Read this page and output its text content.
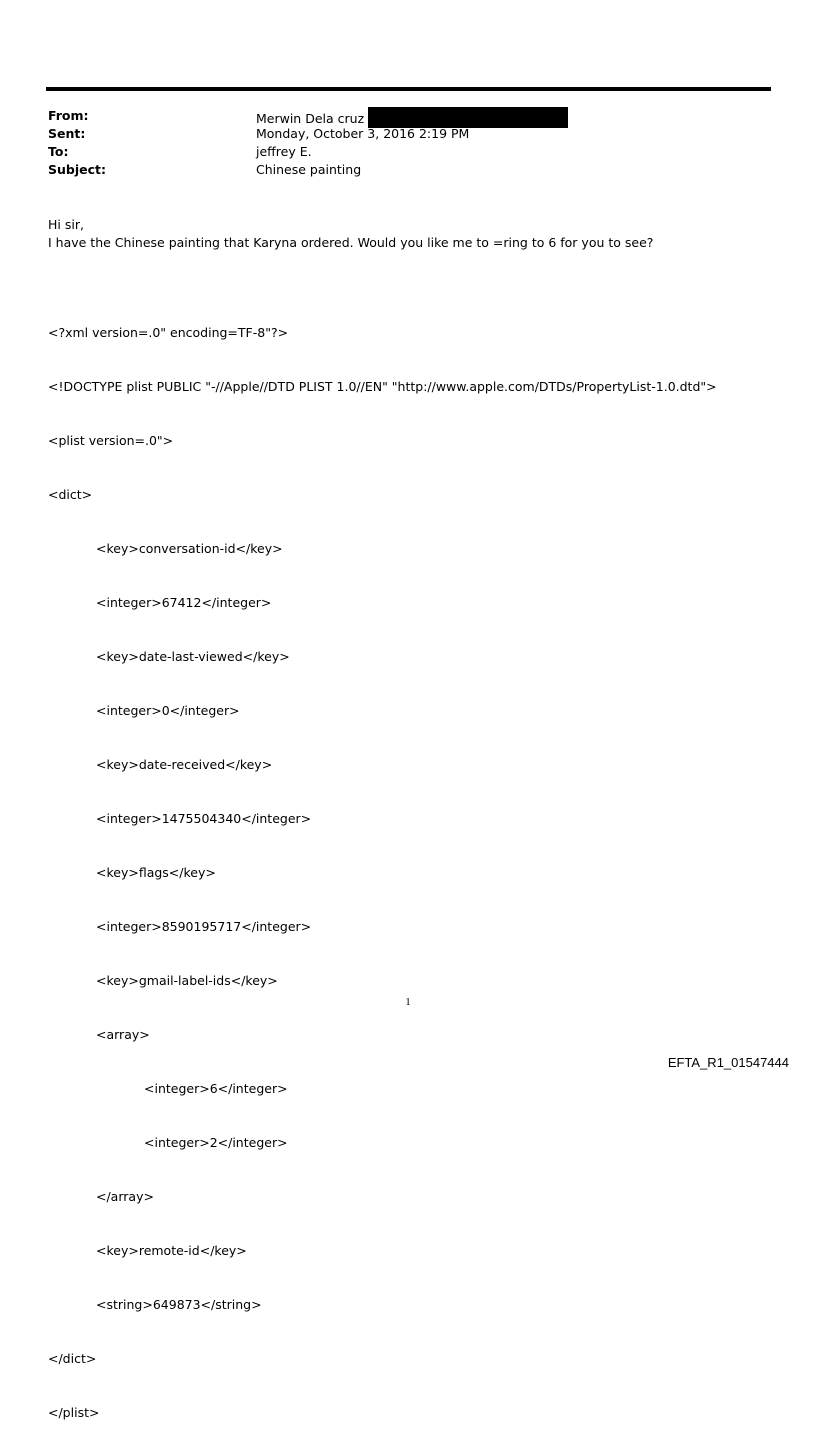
From:	Merwin Dela cruz
Sent:	Monday, October 3, 2016 2:19 PM
To:	jeffrey E.
Subject:	Chinese painting
Hi sir,
I have the Chinese painting that Karyna ordered. Would you like me to =ring to 6 for you to see?

<?xml version=.0" encoding=TF-8"?>

<!DOCTYPE plist PUBLIC "-//Apple//DTD PLIST 1.0//EN" "http://www.apple.com/DTDs/PropertyList-1.0.dtd">

<plist version=.0">

<dict>

<key>conversation-id</key>

<integer>67412</integer>

<key>date-last-viewed</key>

<integer>0</integer>

<key>date-received</key>

<integer>1475504340</integer>

<key>flags</key>

<integer>8590195717</integer>

<key>gmail-label-ids</key>

<array>

<integer>6</integer>

<integer>2</integer>

</array>

<key>remote-id</key>

<string>649873</string>

</dict>

</plist>

1
EFTA_R1_01547444
